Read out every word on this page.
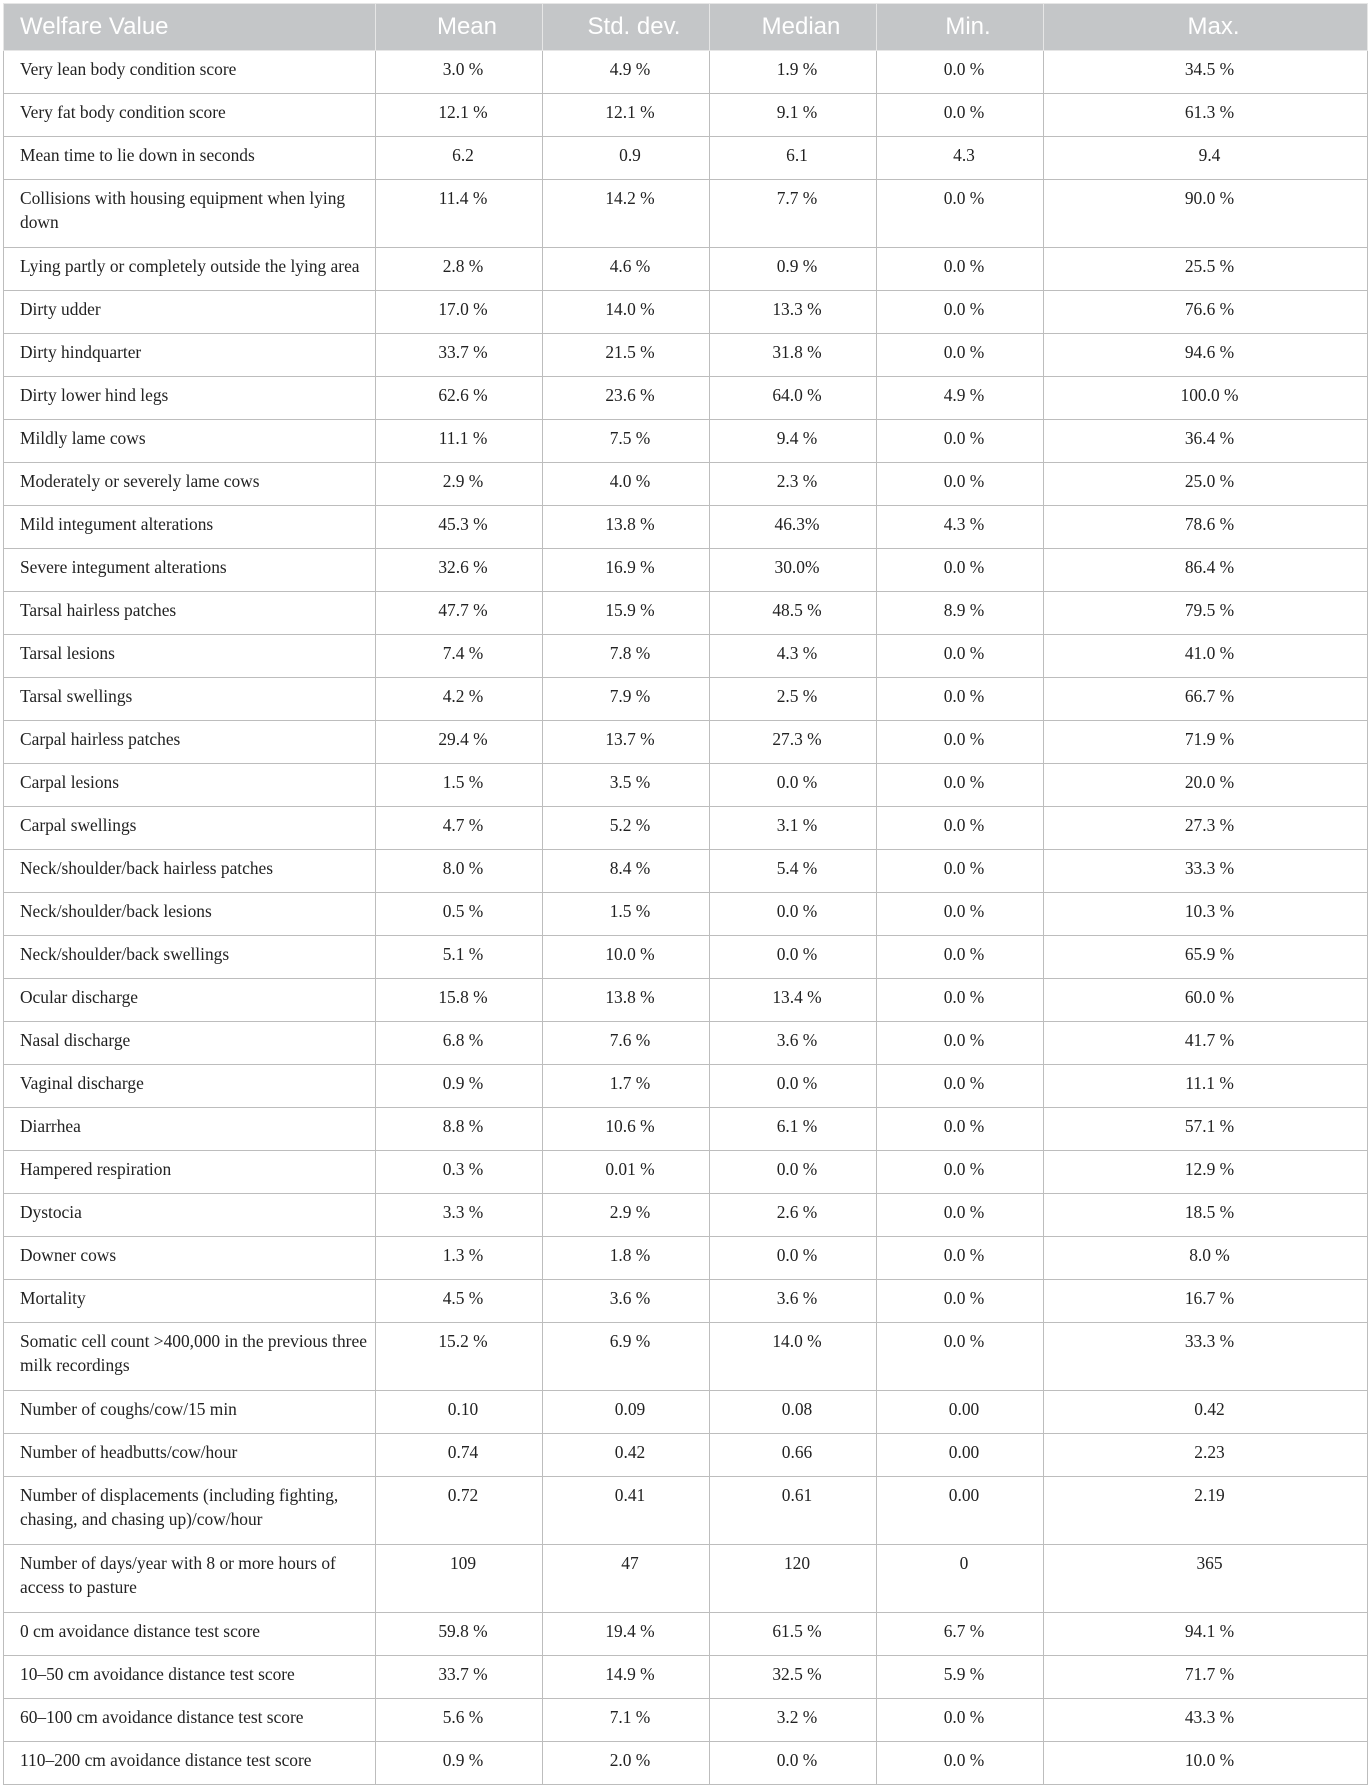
Welfare Value	Mean	Std. dev.	Median	Min.	Max.
Very lean body condition score	3.0 %	4.9 %	1.9 %	0.0 %	34.5 %
Very fat body condition score	12.1 %	12.1 %	9.1 %	0.0 %	61.3 %
Mean time to lie down in seconds	6.2	0.9	6.1	4.3	9.4
Collisions with housing equipment when lying down	11.4 %	14.2 %	7.7 %	0.0 %	90.0 %
Lying partly or completely outside the lying area	2.8 %	4.6 %	0.9 %	0.0 %	25.5 %
Dirty udder	17.0 %	14.0 %	13.3 %	0.0 %	76.6 %
Dirty hindquarter	33.7 %	21.5 %	31.8 %	0.0 %	94.6 %
Dirty lower hind legs	62.6 %	23.6 %	64.0 %	4.9 %	100.0 %
Mildly lame cows	11.1 %	7.5 %	9.4 %	0.0 %	36.4 %
Moderately or severely lame cows	2.9 %	4.0 %	2.3 %	0.0 %	25.0 %
Mild integument alterations	45.3 %	13.8 %	46.3%	4.3 %	78.6 %
Severe integument alterations	32.6 %	16.9 %	30.0%	0.0 %	86.4 %
Tarsal hairless patches	47.7 %	15.9 %	48.5 %	8.9 %	79.5 %
Tarsal lesions	7.4 %	7.8 %	4.3 %	0.0 %	41.0 %
Tarsal swellings	4.2 %	7.9 %	2.5 %	0.0 %	66.7 %
Carpal hairless patches	29.4 %	13.7 %	27.3 %	0.0 %	71.9 %
Carpal lesions	1.5 %	3.5 %	0.0 %	0.0 %	20.0 %
Carpal swellings	4.7 %	5.2 %	3.1 %	0.0 %	27.3 %
Neck/shoulder/back hairless patches	8.0 %	8.4 %	5.4 %	0.0 %	33.3 %
Neck/shoulder/back lesions	0.5 %	1.5 %	0.0 %	0.0 %	10.3 %
Neck/shoulder/back swellings	5.1 %	10.0 %	0.0 %	0.0 %	65.9 %
Ocular discharge	15.8 %	13.8 %	13.4 %	0.0 %	60.0 %
Nasal discharge	6.8 %	7.6 %	3.6 %	0.0 %	41.7 %
Vaginal discharge	0.9 %	1.7 %	0.0 %	0.0 %	11.1 %
Diarrhea	8.8 %	10.6 %	6.1 %	0.0 %	57.1 %
Hampered respiration	0.3 %	0.01 %	0.0 %	0.0 %	12.9 %
Dystocia	3.3 %	2.9 %	2.6 %	0.0 %	18.5 %
Downer cows	1.3 %	1.8 %	0.0 %	0.0 %	8.0 %
Mortality	4.5 %	3.6 %	3.6 %	0.0 %	16.7 %
Somatic cell count >400,000 in the previous three milk recordings	15.2 %	6.9 %	14.0 %	0.0 %	33.3 %
Number of coughs/cow/15 min	0.10	0.09	0.08	0.00	0.42
Number of headbutts/cow/hour	0.74	0.42	0.66	0.00	2.23
Number of displacements (including fighting, chasing, and chasing up)/cow/hour	0.72	0.41	0.61	0.00	2.19
Number of days/year with 8 or more hours of access to pasture	109	47	120	0	365
0 cm avoidance distance test score	59.8 %	19.4 %	61.5 %	6.7 %	94.1 %
10–50 cm avoidance distance test score	33.7 %	14.9 %	32.5 %	5.9 %	71.7 %
60–100 cm avoidance distance test score	5.6 %	7.1 %	3.2 %	0.0 %	43.3 %
110–200 cm avoidance distance test score	0.9 %	2.0 %	0.0 %	0.0 %	10.0 %
